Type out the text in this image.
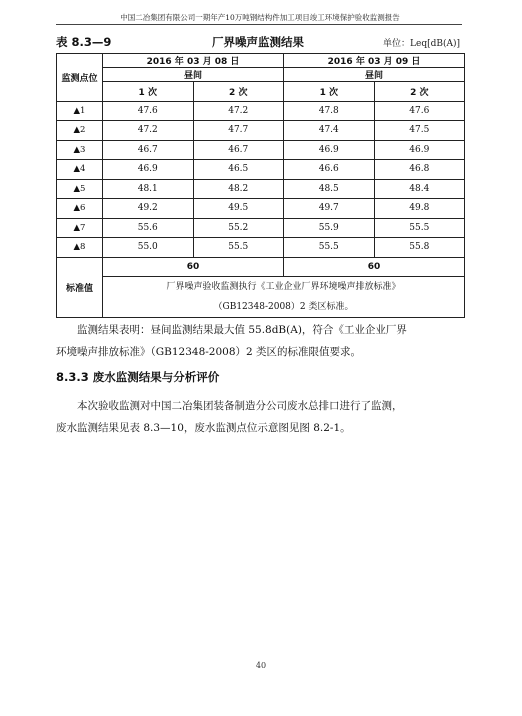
中国二冶集团有限公司一期年产10万吨钢结构件加工项目竣工环境保护验收监测报告
表 8.3—9	厂界噪声监测结果	单位：Leq[dB(A)]
监测点位	2016 年 03 月 08 日		2016 年 03 月 09 日	
	昼间		昼间	
	1 次	2 次	1 次	2 次
▲1	47.6	47.2	47.8	47.6
▲2	47.2	47.7	47.4	47.5
▲3	46.7	46.7	46.9	46.9
▲4	46.9	46.5	46.6	46.8
▲5	48.1	48.2	48.5	48.4
▲6	49.2	49.5	49.7	49.8
▲7	55.6	55.2	55.9	55.5
▲8	55.0	55.5	55.5	55.8
标准值	60		60	
	厂界噪声验收监测执行《工业企业厂界环境噪声排放标准》			
	（GB12348-2008）2 类区标准。			
监测结果表明：昼间监测结果最大值 55.8dB(A)，符合《工业企业厂界
环境噪声排放标准》（GB12348-2008）2 类区的标准限值要求。
8.3.3 废水监测结果与分析评价
本次验收监测对中国二冶集团装备制造分公司废水总排口进行了监测，
废水监测结果见表 8.3—10，废水监测点位示意图见图 8.2-1。
40
